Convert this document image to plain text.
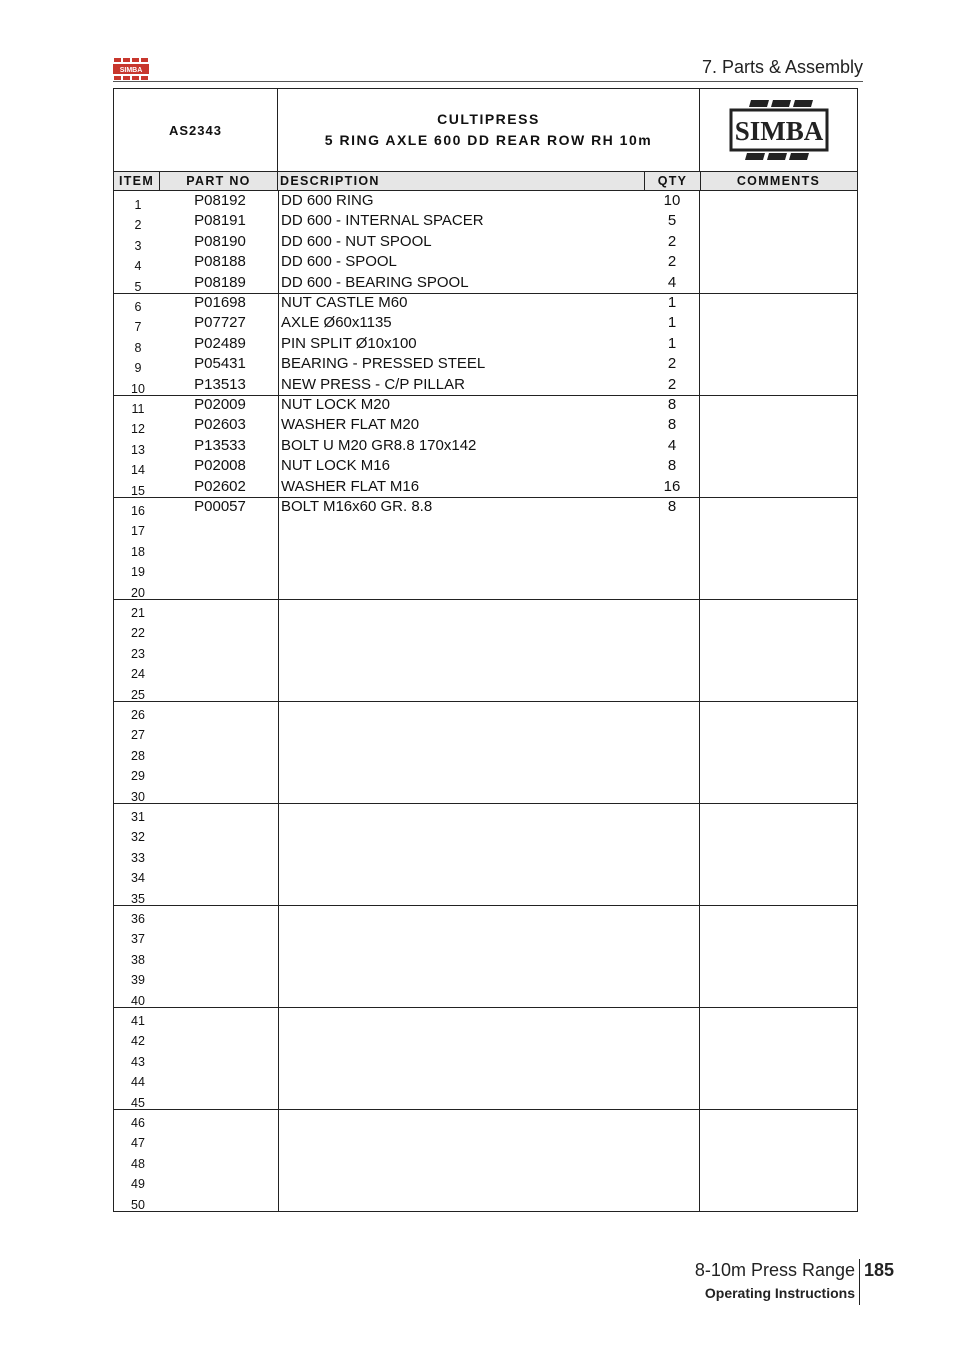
SIMBA	7. Parts & Assembly
AS2343
CULTIPRESS
5 RING AXLE 600 DD REAR ROW RH 10m	SIMBA
ITEM	PART NO	DESCRIPTION	QTY	COMMENTS
1	P08192	DD 600 RING	10
2	P08191	DD 600 - INTERNAL SPACER	5
3	P08190	DD 600 - NUT SPOOL	2
4	P08188	DD 600 - SPOOL	2
5	P08189	DD 600 - BEARING SPOOL	4
6	P01698	NUT CASTLE M60	1
7	P07727	AXLE Ø60x1135	1
8	P02489	PIN SPLIT Ø10x100	1
9	P05431	BEARING - PRESSED STEEL	2
10	P13513	NEW PRESS - C/P PILLAR	2
11	P02009	NUT LOCK M20	8
12	P02603	WASHER FLAT M20	8
13	P13533	BOLT U M20 GR8.8 170x142	4
14	P02008	NUT LOCK M16	8
15	P02602	WASHER FLAT M16	16
16	P00057	BOLT M16x60 GR. 8.8	8
17
18
19
20
21
22
23
24
25
26
27
28
29
30
31
32
33
34
35
36
37
38
39
40
41
42
43
44
45
46
47
48
49
50
8-10m Press Range
Operating Instructions
185
